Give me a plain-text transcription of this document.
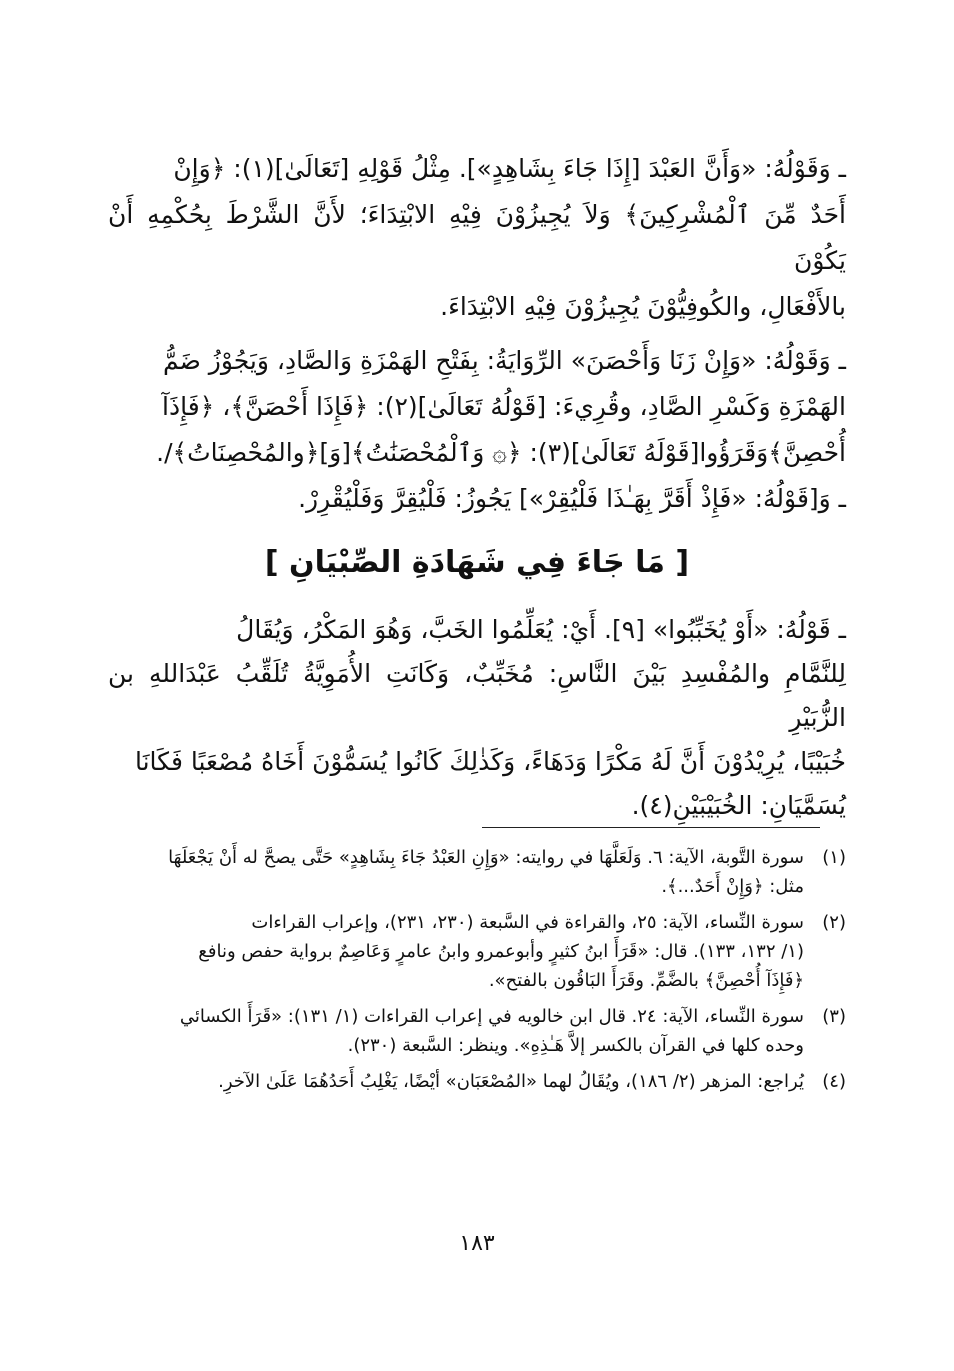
ـ وَقَوْلُهُ: «وَأَنَّ العَبْدَ [إِذَا جَاءَ بِشَاهِدٍ»]. مِثْلُ قَوْلِهِ [تَعَالَىٰ](١): ﴿وَإِنْ
أَحَدٌ مِّنَ ٱلْمُشْرِكِينَ﴾ وَلاَ يُجِيزُوْنَ فِيْهِ الابْتِدَاءَ؛ لأَنَّ الشَّرْطَ بِحُكْمِهِ أَنْ يَكُوْنَ
بالأَفْعَالِ، والكُوفِيُّوْنَ يُجِيزُوْنَ فِيْهِ الابْتِدَاءَ.

ـ وَقَوْلُهُ: «وَإِنْ زَنَا وَأَحْصَنَ» الرِّوَايَةُ: بِفَتْحِ الهَمْزَةِ وَالصَّادِ، وَيَجُوْزُ ضَمُّ
الهَمْزَةِ وَكَسْرِ الصَّادِ، وقُرِيءَ: [قَوْلُهُ تَعَالَىٰ](٢): ﴿فَإِذَا أَحْصَنَّ﴾، ﴿فَإِذَآ
أُحْصِنَّ﴾وَقَرَؤُوا[قَوْلَهُ تَعَالَىٰ](٣): ﴿۞ وَٱلْمُحْصَنَٰتُ﴾[وَ]﴿والمُحْصِنَاتُ﴾/.

ـ وَ[قَوْلُهُ: «فَإِذْ أَقَرَّ بِهَـٰذَا فَلْيُقِرْ»] يَجُوزُ: فَلْيُقِرَّ وَفَلْيُقْرِرْ.

[ مَا جَاءَ فِي شَهَادَةِ الصِّبْيَانِ ]

ـ قَوْلُهُ: «أَوْ يُخَبِّبُوا» [٩]. أَيْ: يُعَلِّمُوا الخَبَّ، وَهُوَ المَكْرُ، وَيُقَالُ
لِلنَّمَّامِ والمُفْسِدِ بَيْنَ النَّاسِ: مُخَبِّبٌ، وَكَانَتِ الأُمَوِيَّةُ تُلَقِّبُ عَبْدَاللهِ بن الزُّبَيْرِ
خُبَيْبًا، يُرِيْدُوْنَ أَنَّ لَهُ مَكْرًا وَدَهَاءً، وَكَذٰلِكَ كَانُوا يُسَمُّوْنَ أَخَاهُ مُصْعَبًا فَكَانَا
يُسَمَّيَانِ: الخُبَيْبَيْنِ(٤).

(١)
سورة التَّوبة، الآية: ٦. وَلَعَلَّهَا في روايته: «وَإِنِ العَبْدُ جَاءَ بِشَاهِدٍ» حَتَّى يصحَّ له أَنْ يَجْعَلَهَا
مثل: ﴿وَإِنْ أَحَدٌ...﴾.
(٢)
سورة النِّساء، الآية: ٢٥، والقراءة في السَّبعة (٢٣٠، ٢٣١)، وإعراب القراءات
(١/ ١٣٢، ١٣٣). قال: «قَرَأَ ابنُ كثيرٍ وأبوعمرو وابنُ عامرٍ وَعَاصِمٌ برواية حفص ونافع
﴿فَإِذَآ أُحْصِنَّ﴾ بالضَّمِّ. وقَرَأَ البَاقُون بالفتح».
(٣)
سورة النِّساء، الآية: ٢٤. قال ابن خالويه في إعراب القراءات (١/ ١٣١): «قَرَأَ الكسائي
وحده كلها في القرآن بالكسر إلاَّ هَـٰذِهِ». وينظر: السَّبعة (٢٣٠).
(٤)
يُراجع: المزهر (٢/ ١٨٦)، ويُقَالُ لهما «المُصْعَبَان» أيْضًا، يَغْلِبُ أَحَدُهُمَا عَلَىٰ الآخرِ.
١٨٣
